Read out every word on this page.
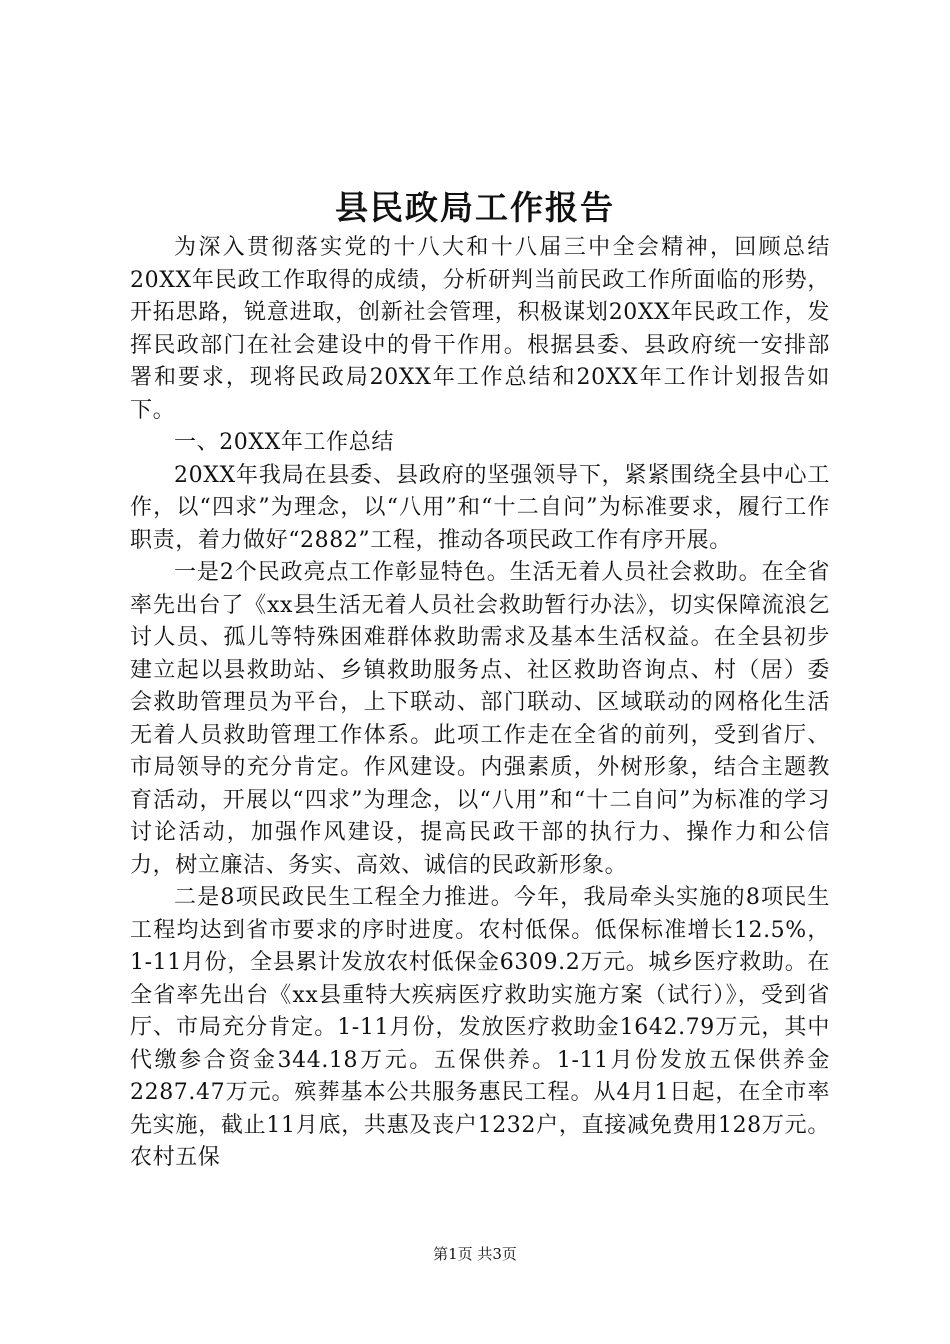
县民政局工作报告

为深入贯彻落实党的十八大和十八届三中全会精神，回顾总结20XX年民政工作取得的成绩，分析研判当前民政工作所面临的形势，开拓思路，锐意进取，创新社会管理，积极谋划20XX年民政工作，发挥民政部门在社会建设中的骨干作用。根据县委、县政府统一安排部署和要求，现将民政局20XX年工作总结和20XX年工作计划报告如下。

一、20XX年工作总结

20XX年我局在县委、县政府的坚强领导下，紧紧围绕全县中心工作，以“四求”为理念，以“八用”和“十二自问”为标准要求，履行工作职责，着力做好“2882”工程，推动各项民政工作有序开展。

一是2个民政亮点工作彰显特色。生活无着人员社会救助。在全省率先出台了《xx县生活无着人员社会救助暂行办法》，切实保障流浪乞讨人员、孤儿等特殊困难群体救助需求及基本生活权益。在全县初步建立起以县救助站、乡镇救助服务点、社区救助咨询点、村（居）委会救助管理员为平台，上下联动、部门联动、区域联动的网格化生活无着人员救助管理工作体系。此项工作走在全省的前列，受到省厅、市局领导的充分肯定。作风建设。内强素质，外树形象，结合主题教育活动，开展以“四求”为理念，以“八用”和“十二自问”为标准的学习讨论活动，加强作风建设，提高民政干部的执行力、操作力和公信力，树立廉洁、务实、高效、诚信的民政新形象。

二是8项民政民生工程全力推进。今年，我局牵头实施的8项民生工程均达到省市要求的序时进度。农村低保。低保标准增长12.5%，1-11月份，全县累计发放农村低保金6309.2万元。城乡医疗救助。在全省率先出台《xx县重特大疾病医疗救助实施方案（试行）》，受到省厅、市局充分肯定。1-11月份，发放医疗救助金1642.79万元，其中代缴参合资金344.18万元。五保供养。1-11月份发放五保供养金2287.47万元。殡葬基本公共服务惠民工程。从4月1日起，在全市率先实施，截止11月底，共惠及丧户1232户，直接减免费用128万元。农村五保

第1页 共3页
